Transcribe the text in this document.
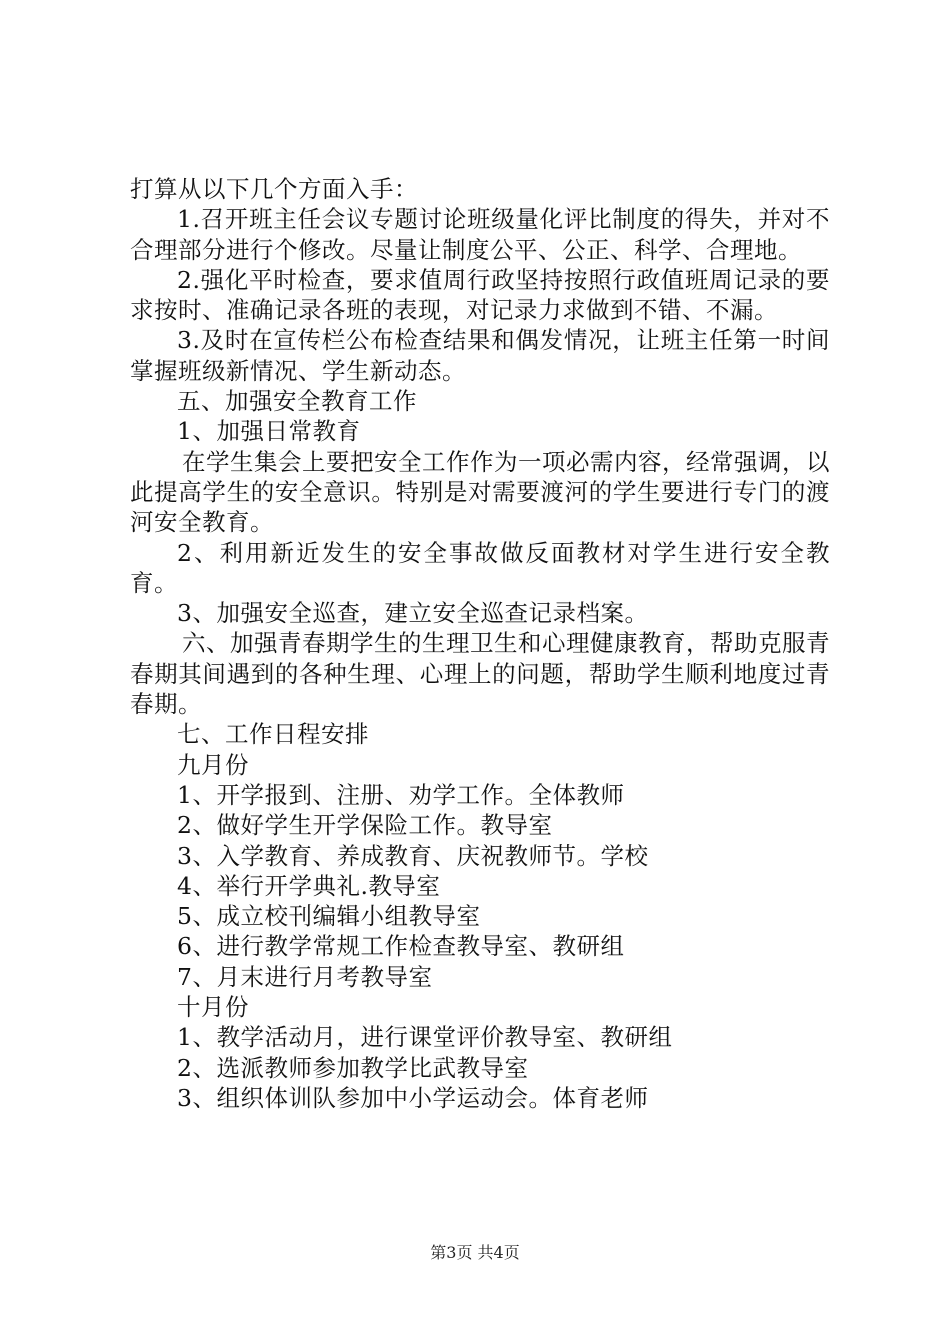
打算从以下几个方面入手：

1.召开班主任会议专题讨论班级量化评比制度的得失，并对不合理部分进行个修改。尽量让制度公平、公正、科学、合理地。

2.强化平时检查，要求值周行政坚持按照行政值班周记录的要求按时、准确记录各班的表现，对记录力求做到不错、不漏。

3.及时在宣传栏公布检查结果和偶发情况，让班主任第一时间掌握班级新情况、学生新动态。

五、加强安全教育工作

1、加强日常教育

在学生集会上要把安全工作作为一项必需内容，经常强调，以此提高学生的安全意识。特别是对需要渡河的学生要进行专门的渡河安全教育。

2、利用新近发生的安全事故做反面教材对学生进行安全教育。

3、加强安全巡查，建立安全巡查记录档案。

六、加强青春期学生的生理卫生和心理健康教育，帮助克服青春期其间遇到的各种生理、心理上的问题，帮助学生顺利地度过青春期。

七、工作日程安排

九月份

1、开学报到、注册、劝学工作。全体教师

2、做好学生开学保险工作。教导室

3、入学教育、养成教育、庆祝教师节。学校

4、举行开学典礼.教导室

5、成立校刊编辑小组教导室

6、进行教学常规工作检查教导室、教研组

7、月末进行月考教导室

十月份

1、教学活动月，进行课堂评价教导室、教研组

2、选派教师参加教学比武教导室

3、组织体训队参加中小学运动会。体育老师

第3页 共4页
